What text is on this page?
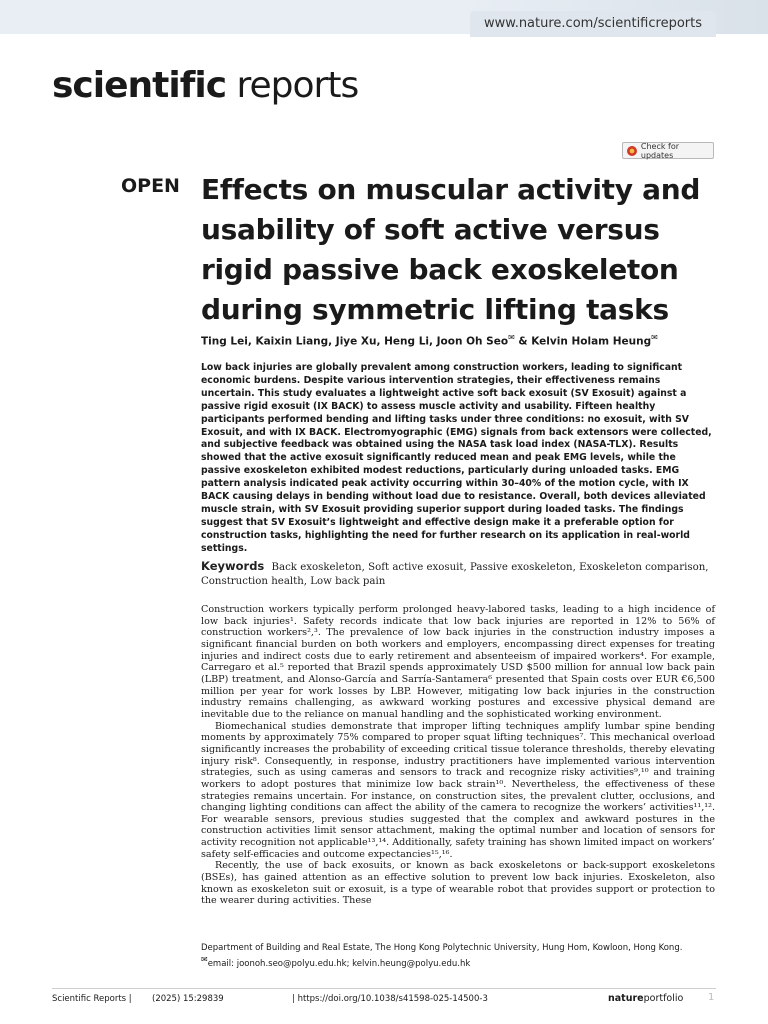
www.nature.com/scientificreports
scientific reports
Check for updates
OPEN Effects on muscular activity and usability of soft active versus rigid passive back exoskeleton during symmetric lifting tasks
Ting Lei, Kaixin Liang, Jiye Xu, Heng Li, Joon Oh Seo✉ & Kelvin Holam Heung✉

Low back injuries are globally prevalent among construction workers, leading to significant economic burdens. Despite various intervention strategies, their effectiveness remains uncertain. This study evaluates a lightweight active soft back exosuit (SV Exosuit) against a passive rigid exosuit (IX BACK) to assess muscle activity and usability. Fifteen healthy participants performed bending and lifting tasks under three conditions: no exosuit, with SV Exosuit, and with IX BACK. Electromyographic (EMG) signals from back extensors were collected, and subjective feedback was obtained using the NASA task load index (NASA-TLX). Results showed that the active exosuit significantly reduced mean and peak EMG levels, while the passive exoskeleton exhibited modest reductions, particularly during unloaded tasks. EMG pattern analysis indicated peak activity occurring within 30–40% of the motion cycle, with IX BACK causing delays in bending without load due to resistance. Overall, both devices alleviated muscle strain, with SV Exosuit providing superior support during loaded tasks. The findings suggest that SV Exosuit’s lightweight and effective design make it a preferable option for construction tasks, highlighting the need for further research on its application in real-world settings.

Keywords Back exoskeleton, Soft active exosuit, Passive exoskeleton, Exoskeleton comparison, Construction health, Low back pain

Construction workers typically perform prolonged heavy-labored tasks, leading to a high incidence of low back injuries¹. Safety records indicate that low back injuries are reported in 12% to 56% of construction workers²,³. The prevalence of low back injuries in the construction industry imposes a significant financial burden on both workers and employers, encompassing direct expenses for treating injuries and indirect costs due to early retirement and absenteeism of impaired workers⁴. For example, Carregaro et al.⁵ reported that Brazil spends approximately USD $500 million for annual low back pain (LBP) treatment, and Alonso-García and Sarría-Santamera⁶ presented that Spain costs over EUR €6,500 million per year for work losses by LBP. However, mitigating low back injuries in the construction industry remains challenging, as awkward working postures and excessive physical demand are inevitable due to the reliance on manual handling and the sophisticated working environment.

Biomechanical studies demonstrate that improper lifting techniques amplify lumbar spine bending moments by approximately 75% compared to proper squat lifting techniques⁷. This mechanical overload significantly increases the probability of exceeding critical tissue tolerance thresholds, thereby elevating injury risk⁸. Consequently, in response, industry practitioners have implemented various intervention strategies, such as using cameras and sensors to track and recognize risky activities⁹,¹⁰ and training workers to adopt postures that minimize low back strain¹⁰. Nevertheless, the effectiveness of these strategies remains uncertain. For instance, on construction sites, the prevalent clutter, occlusions, and changing lighting conditions can affect the ability of the camera to recognize the workers’ activities¹¹,¹². For wearable sensors, previous studies suggested that the complex and awkward postures in the construction activities limit sensor attachment, making the optimal number and location of sensors for activity recognition not applicable¹³,¹⁴. Additionally, safety training has shown limited impact on workers’ safety self-efficacies and outcome expectancies¹⁵,¹⁶.

Recently, the use of back exosuits, or known as back exoskeletons or back-support exoskeletons (BSEs), has gained attention as an effective solution to prevent low back injuries. Exoskeleton, also known as exoskeleton suit or exosuit, is a type of wearable robot that provides support or protection to the wearer during activities. These

Department of Building and Real Estate, The Hong Kong Polytechnic University, Hung Hom, Kowloon, Hong Kong.
✉email: joonoh.seo@polyu.edu.hk; kelvin.heung@polyu.edu.hk
Scientific Reports | (2025) 15:29839	| https://doi.org/10.1038/s41598-025-14500-3	natureportfolio 1
